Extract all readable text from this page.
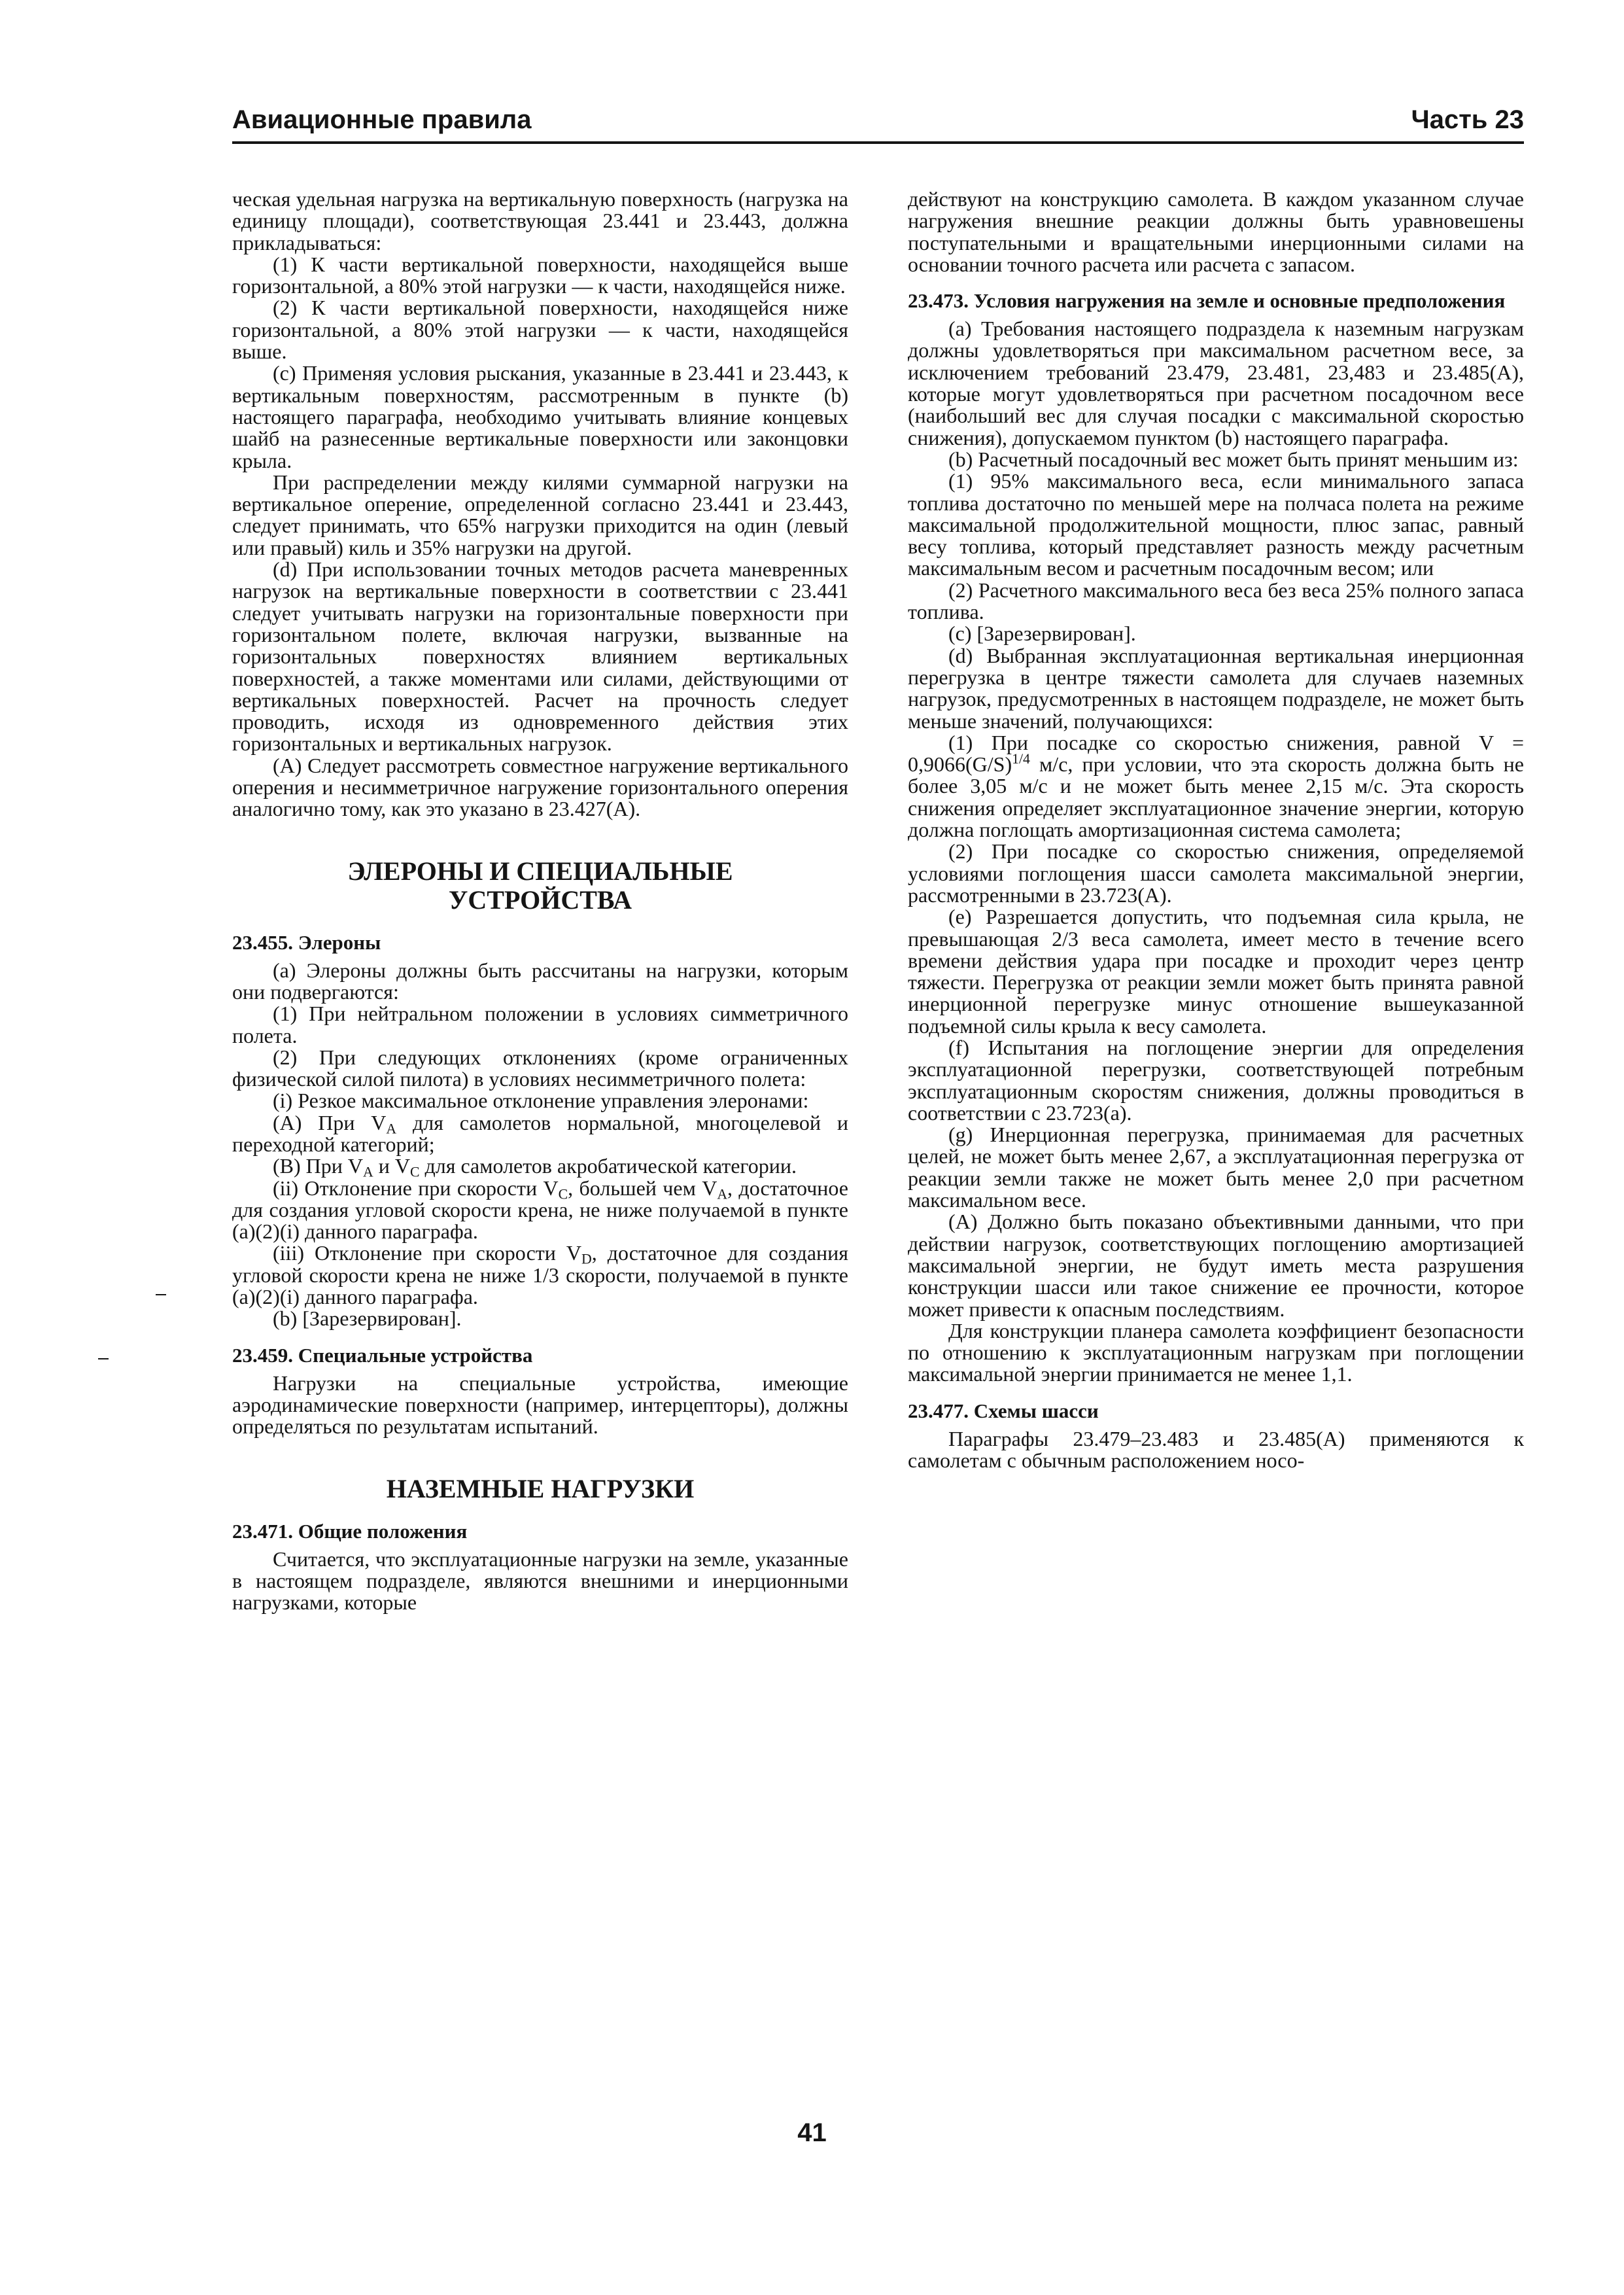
Авиационные правила	Часть 23

ческая удельная нагрузка на вертикальную поверхность (нагрузка на единицу площади), соответствующая 23.441 и 23.443, должна прикладываться:

(1) К части вертикальной поверхности, находящейся выше горизонтальной, а 80% этой нагрузки — к части, находящейся ниже.

(2) К части вертикальной поверхности, находящейся ниже горизонтальной, а 80% этой нагрузки — к части, находящейся выше.

(c) Применяя условия рыскания, указанные в 23.441 и 23.443, к вертикальным поверхностям, рассмотренным в пункте (b) настоящего параграфа, необходимо учитывать влияние концевых шайб на разнесенные вертикальные поверхности или законцовки крыла.

При распределении между килями суммарной нагрузки на вертикальное оперение, определенной согласно 23.441 и 23.443, следует принимать, что 65% нагрузки приходится на один (левый или правый) киль и 35% нагрузки на другой.

(d) При использовании точных методов расчета маневренных нагрузок на вертикальные поверхности в соответствии с 23.441 следует учитывать нагрузки на горизонтальные поверхности при горизонтальном полете, включая нагрузки, вызванные на горизонтальных поверхностях влиянием вертикальных поверхностей, а также моментами или силами, действующими от вертикальных поверхностей. Расчет на прочность следует проводить, исходя из одновременного действия этих горизонтальных и вертикальных нагрузок.

(A) Следует рассмотреть совместное нагружение вертикального оперения и несимметричное нагружение горизонтального оперения аналогично тому, как это указано в 23.427(A).

ЭЛЕРОНЫ И СПЕЦИАЛЬНЫЕ
УСТРОЙСТВА
23.455. Элероны

(a) Элероны должны быть рассчитаны на нагрузки, которым они подвергаются:

(1) При нейтральном положении в условиях симметричного полета.

(2) При следующих отклонениях (кроме ограниченных физической силой пилота) в условиях несимметричного полета:

(i) Резкое максимальное отклонение управления элеронами:

(A) При $V_A$ для самолетов нормальной, многоцелевой и переходной категорий;

(B) При $V_A$ и $V_C$ для самолетов акробатической категории.

(ii) Отклонение при скорости $V_C$, большей чем $V_A$, достаточное для создания угловой скорости крена, не ниже получаемой в пункте (a)(2)(i) данного параграфа.

(iii) Отклонение при скорости $V_D$, достаточное для создания угловой скорости крена не ниже 1/3 скорости, получаемой в пункте (a)(2)(i) данного параграфа.

(b) [Зарезервирован].

23.459. Специальные устройства

Нагрузки на специальные устройства, имеющие аэродинамические поверхности (например, интерцепторы), должны определяться по результатам испытаний.

НАЗЕМНЫЕ НАГРУЗКИ
23.471. Общие положения

Считается, что эксплуатационные нагрузки на земле, указанные в настоящем подразделе, являются внешними и инерционными нагрузками, которые

действуют на конструкцию самолета. В каждом указанном случае нагружения внешние реакции должны быть уравновешены поступательными и вращательными инерционными силами на основании точного расчета или расчета с запасом.

23.473. Условия нагружения на земле и основные предположения

(a) Требования настоящего подраздела к наземным нагрузкам должны удовлетворяться при максимальном расчетном весе, за исключением требований 23.479, 23.481, 23,483 и 23.485(A), которые могут удовлетворяться при расчетном посадочном весе (наибольший вес для случая посадки с максимальной скоростью снижения), допускаемом пунктом (b) настоящего параграфа.

(b) Расчетный посадочный вес может быть принят меньшим из:

(1) 95% максимального веса, если минимального запаса топлива достаточно по меньшей мере на полчаса полета на режиме максимальной продолжительной мощности, плюс запас, равный весу топлива, который представляет разность между расчетным максимальным весом и расчетным посадочным весом; или

(2) Расчетного максимального веса без веса 25% полного запаса топлива.

(c) [Зарезервирован].

(d) Выбранная эксплуатационная вертикальная инерционная перегрузка в центре тяжести самолета для случаев наземных нагрузок, предусмотренных в настоящем подразделе, не может быть меньше значений, получающихся:

(1) При посадке со скоростью снижения, равной $V = 0,9066(G/S)^{1/4}$ м/с, при условии, что эта скорость должна быть не более 3,05 м/с и не может быть менее 2,15 м/с. Эта скорость снижения определяет эксплуатационное значение энергии, которую должна поглощать амортизационная система самолета;

(2) При посадке со скоростью снижения, определяемой условиями поглощения шасси самолета максимальной энергии, рассмотренными в 23.723(A).

(e) Разрешается допустить, что подъемная сила крыла, не превышающая 2/3 веса самолета, имеет место в течение всего времени действия удара при посадке и проходит через центр тяжести. Перегрузка от реакции земли может быть принята равной инерционной перегрузке минус отношение вышеуказанной подъемной силы крыла к весу самолета.

(f) Испытания на поглощение энергии для определения эксплуатационной перегрузки, соответствующей потребным эксплуатационным скоростям снижения, должны проводиться в соответствии с 23.723(a).

(g) Инерционная перегрузка, принимаемая для расчетных целей, не может быть менее 2,67, а эксплуатационная перегрузка от реакции земли также не может быть менее 2,0 при расчетном максимальном весе.

(A) Должно быть показано объективными данными, что при действии нагрузок, соответствующих поглощению амортизацией максимальной энергии, не будут иметь места разрушения конструкции шасси или такое снижение ее прочности, которое может привести к опасным последствиям.

Для конструкции планера самолета коэффициент безопасности по отношению к эксплуатационным нагрузкам при поглощении максимальной энергии принимается не менее 1,1.

23.477. Схемы шасси

Параграфы 23.479–23.483 и 23.485(A) применяются к самолетам с обычным расположением носо-

41
